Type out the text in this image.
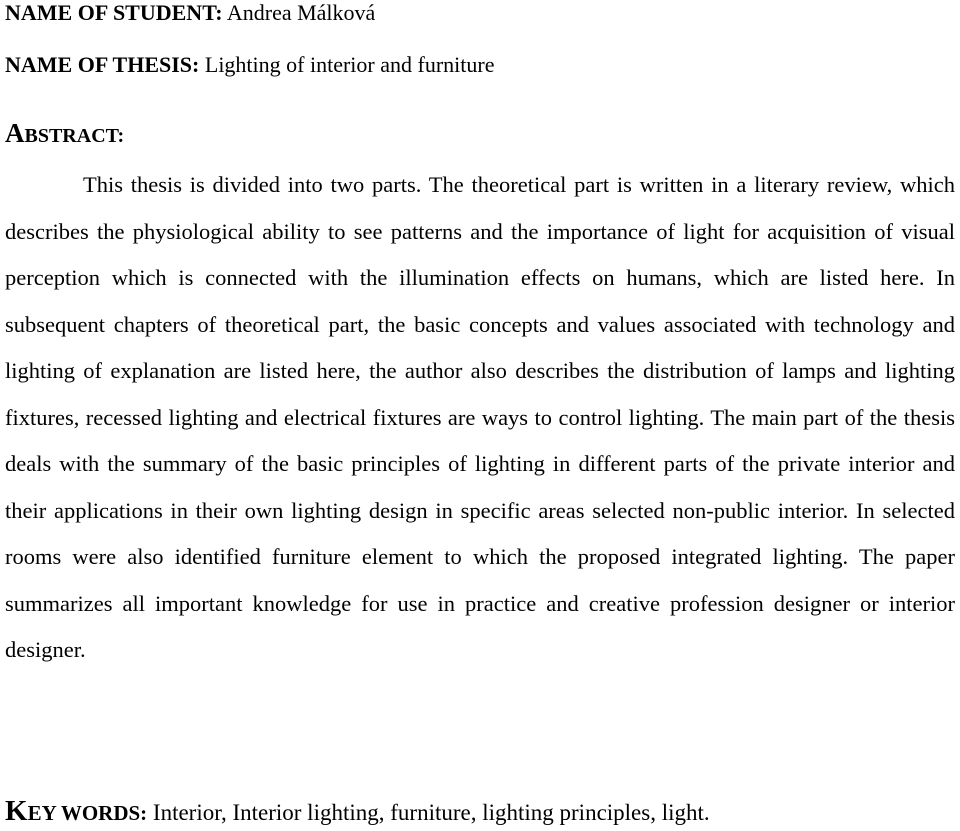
NAME OF STUDENT: Andrea Málková
NAME OF THESIS: Lighting of interior and furniture
ABSTRACT:

This thesis is divided into two parts. The theoretical part is written in a literary review, which describes the physiological ability to see patterns and the importance of light for acquisition of visual perception which is connected with the illumination effects on humans, which are listed here. In subsequent chapters of theoretical part, the basic concepts and values associated with technology and lighting of explanation are listed here, the author also describes the distribution of lamps and lighting fixtures, recessed lighting and electrical fixtures are ways to control lighting. The main part of the thesis deals with the summary of the basic principles of lighting in different parts of the private interior and their applications in their own lighting design in specific areas selected non-public interior. In selected rooms were also identified furniture element to which the proposed integrated lighting. The paper summarizes all important knowledge for use in practice and creative profession designer or interior designer.

KEY WORDS: Interior, Interior lighting, furniture, lighting principles, light.
